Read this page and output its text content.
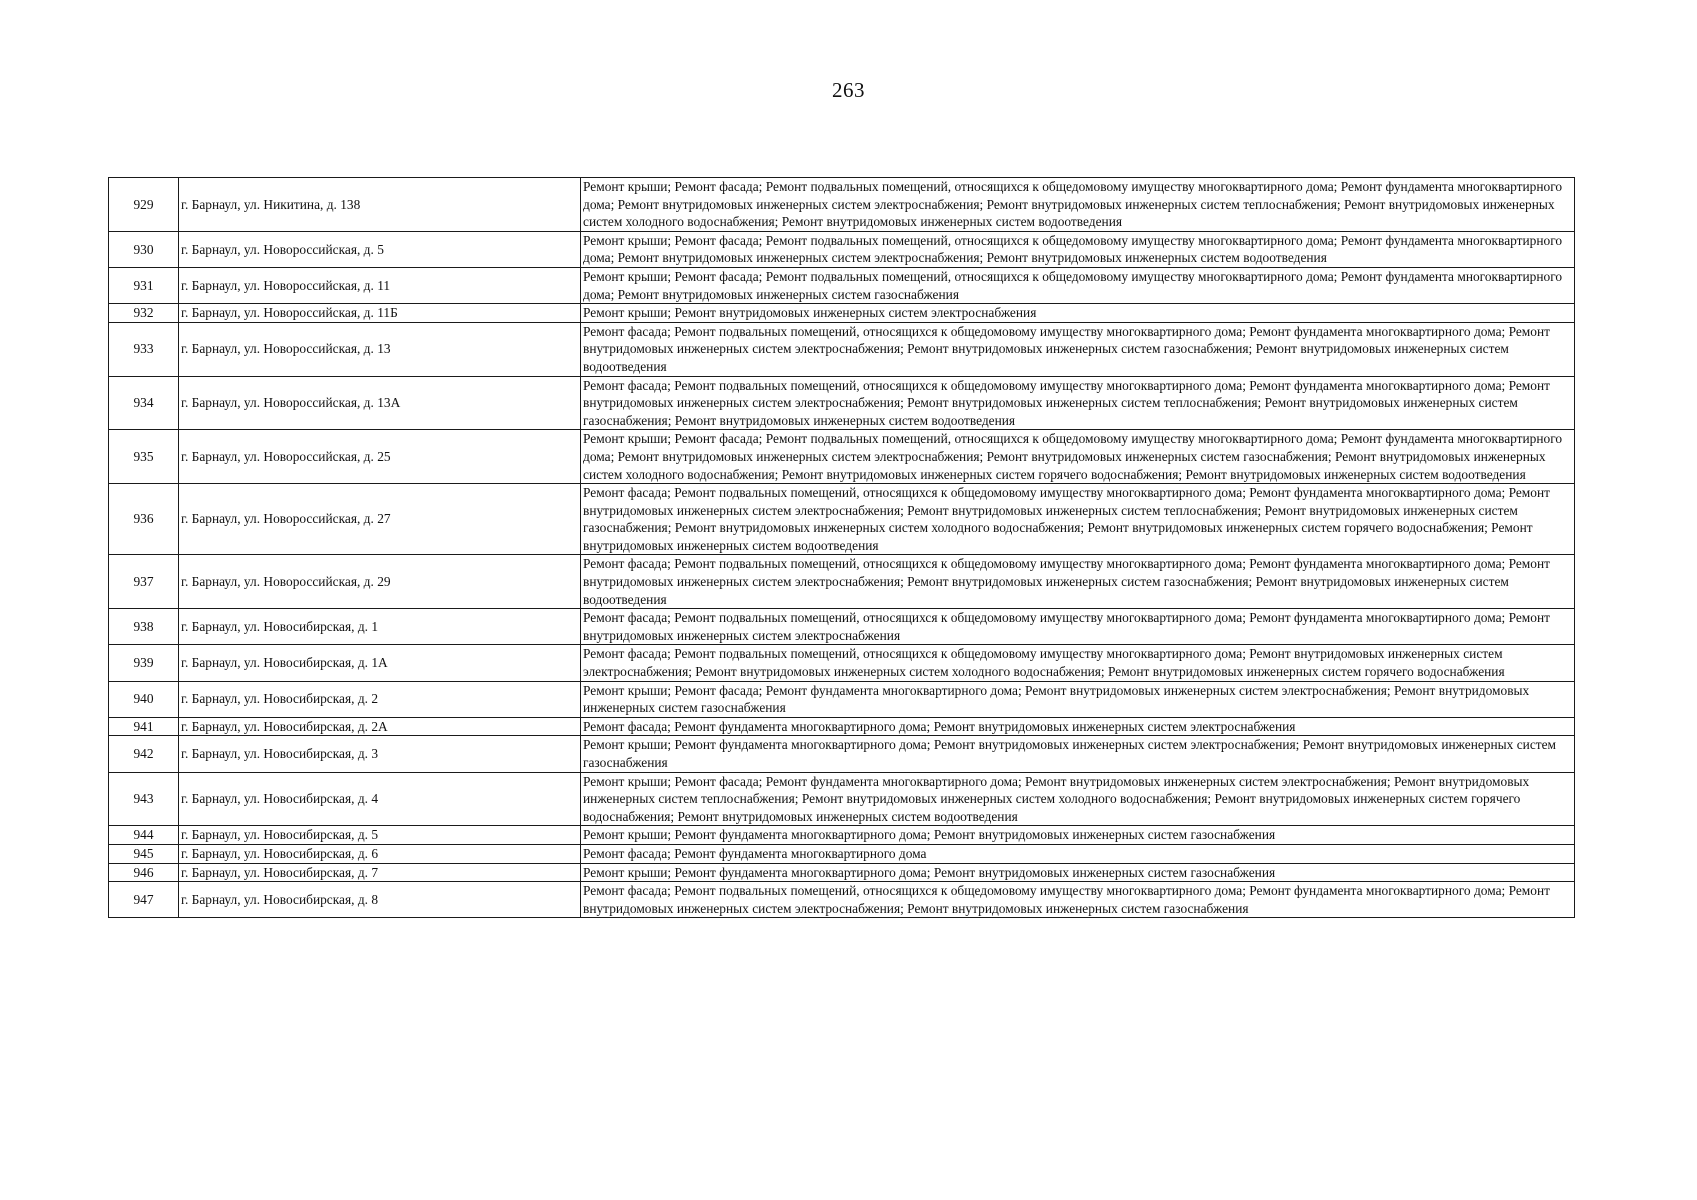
263
929	г. Барнаул, ул. Никитина, д. 138	Ремонт крыши; Ремонт фасада; Ремонт подвальных помещений, относящихся к общедомовому имуществу многоквартирного дома; Ремонт фундамента многоквартирного дома; Ремонт внутридомовых инженерных систем электроснабжения; Ремонт внутридомовых инженерных систем теплоснабжения; Ремонт внутридомовых инженерных систем холодного водоснабжения; Ремонт внутридомовых инженерных систем водоотведения
930	г. Барнаул, ул. Новороссийская, д. 5	Ремонт крыши; Ремонт фасада; Ремонт подвальных помещений, относящихся к общедомовому имуществу многоквартирного дома; Ремонт фундамента многоквартирного дома; Ремонт внутридомовых инженерных систем электроснабжения; Ремонт внутридомовых инженерных систем водоотведения
931	г. Барнаул, ул. Новороссийская, д. 11	Ремонт крыши; Ремонт фасада; Ремонт подвальных помещений, относящихся к общедомовому имуществу многоквартирного дома; Ремонт фундамента многоквартирного дома; Ремонт внутридомовых инженерных систем газоснабжения
932	г. Барнаул, ул. Новороссийская, д. 11Б	Ремонт крыши; Ремонт внутридомовых инженерных систем электроснабжения
933	г. Барнаул, ул. Новороссийская, д. 13	Ремонт фасада; Ремонт подвальных помещений, относящихся к общедомовому имуществу многоквартирного дома; Ремонт фундамента многоквартирного дома; Ремонт внутридомовых инженерных систем электроснабжения; Ремонт внутридомовых инженерных систем газоснабжения; Ремонт внутридомовых инженерных систем водоотведения
934	г. Барнаул, ул. Новороссийская, д. 13А	Ремонт фасада; Ремонт подвальных помещений, относящихся к общедомовому имуществу многоквартирного дома; Ремонт фундамента многоквартирного дома; Ремонт внутридомовых инженерных систем электроснабжения; Ремонт внутридомовых инженерных систем теплоснабжения; Ремонт внутридомовых инженерных систем газоснабжения; Ремонт внутридомовых инженерных систем водоотведения
935	г. Барнаул, ул. Новороссийская, д. 25	Ремонт крыши; Ремонт фасада; Ремонт подвальных помещений, относящихся к общедомовому имуществу многоквартирного дома; Ремонт фундамента многоквартирного дома; Ремонт внутридомовых инженерных систем электроснабжения; Ремонт внутридомовых инженерных систем газоснабжения; Ремонт внутридомовых инженерных систем холодного водоснабжения; Ремонт внутридомовых инженерных систем горячего водоснабжения; Ремонт внутридомовых инженерных систем водоотведения
936	г. Барнаул, ул. Новороссийская, д. 27	Ремонт фасада; Ремонт подвальных помещений, относящихся к общедомовому имуществу многоквартирного дома; Ремонт фундамента многоквартирного дома; Ремонт внутридомовых инженерных систем электроснабжения; Ремонт внутридомовых инженерных систем теплоснабжения; Ремонт внутридомовых инженерных систем газоснабжения; Ремонт внутридомовых инженерных систем холодного водоснабжения; Ремонт внутридомовых инженерных систем горячего водоснабжения; Ремонт внутридомовых инженерных систем водоотведения
937	г. Барнаул, ул. Новороссийская, д. 29	Ремонт фасада; Ремонт подвальных помещений, относящихся к общедомовому имуществу многоквартирного дома; Ремонт фундамента многоквартирного дома; Ремонт внутридомовых инженерных систем электроснабжения; Ремонт внутридомовых инженерных систем газоснабжения; Ремонт внутридомовых инженерных систем водоотведения
938	г. Барнаул, ул. Новосибирская, д. 1	Ремонт фасада; Ремонт подвальных помещений, относящихся к общедомовому имуществу многоквартирного дома; Ремонт фундамента многоквартирного дома; Ремонт внутридомовых инженерных систем электроснабжения
939	г. Барнаул, ул. Новосибирская, д. 1А	Ремонт фасада; Ремонт подвальных помещений, относящихся к общедомовому имуществу многоквартирного дома; Ремонт внутридомовых инженерных систем электроснабжения; Ремонт внутридомовых инженерных систем холодного водоснабжения; Ремонт внутридомовых инженерных систем горячего водоснабжения
940	г. Барнаул, ул. Новосибирская, д. 2	Ремонт крыши; Ремонт фасада; Ремонт фундамента многоквартирного дома; Ремонт внутридомовых инженерных систем электроснабжения; Ремонт внутридомовых инженерных систем газоснабжения
941	г. Барнаул, ул. Новосибирская, д. 2А	Ремонт фасада; Ремонт фундамента многоквартирного дома; Ремонт внутридомовых инженерных систем электроснабжения
942	г. Барнаул, ул. Новосибирская, д. 3	Ремонт крыши; Ремонт фундамента многоквартирного дома; Ремонт внутридомовых инженерных систем электроснабжения; Ремонт внутридомовых инженерных систем газоснабжения
943	г. Барнаул, ул. Новосибирская, д. 4	Ремонт крыши; Ремонт фасада; Ремонт фундамента многоквартирного дома; Ремонт внутридомовых инженерных систем электроснабжения; Ремонт внутридомовых инженерных систем теплоснабжения; Ремонт внутридомовых инженерных систем холодного водоснабжения; Ремонт внутридомовых инженерных систем горячего водоснабжения; Ремонт внутридомовых инженерных систем водоотведения
944	г. Барнаул, ул. Новосибирская, д. 5	Ремонт крыши; Ремонт фундамента многоквартирного дома; Ремонт внутридомовых инженерных систем газоснабжения
945	г. Барнаул, ул. Новосибирская, д. 6	Ремонт фасада; Ремонт фундамента многоквартирного дома
946	г. Барнаул, ул. Новосибирская, д. 7	Ремонт крыши; Ремонт фундамента многоквартирного дома; Ремонт внутридомовых инженерных систем газоснабжения
947	г. Барнаул, ул. Новосибирская, д. 8	Ремонт фасада; Ремонт подвальных помещений, относящихся к общедомовому имуществу многоквартирного дома; Ремонт фундамента многоквартирного дома; Ремонт внутридомовых инженерных систем электроснабжения; Ремонт внутридомовых инженерных систем газоснабжения
